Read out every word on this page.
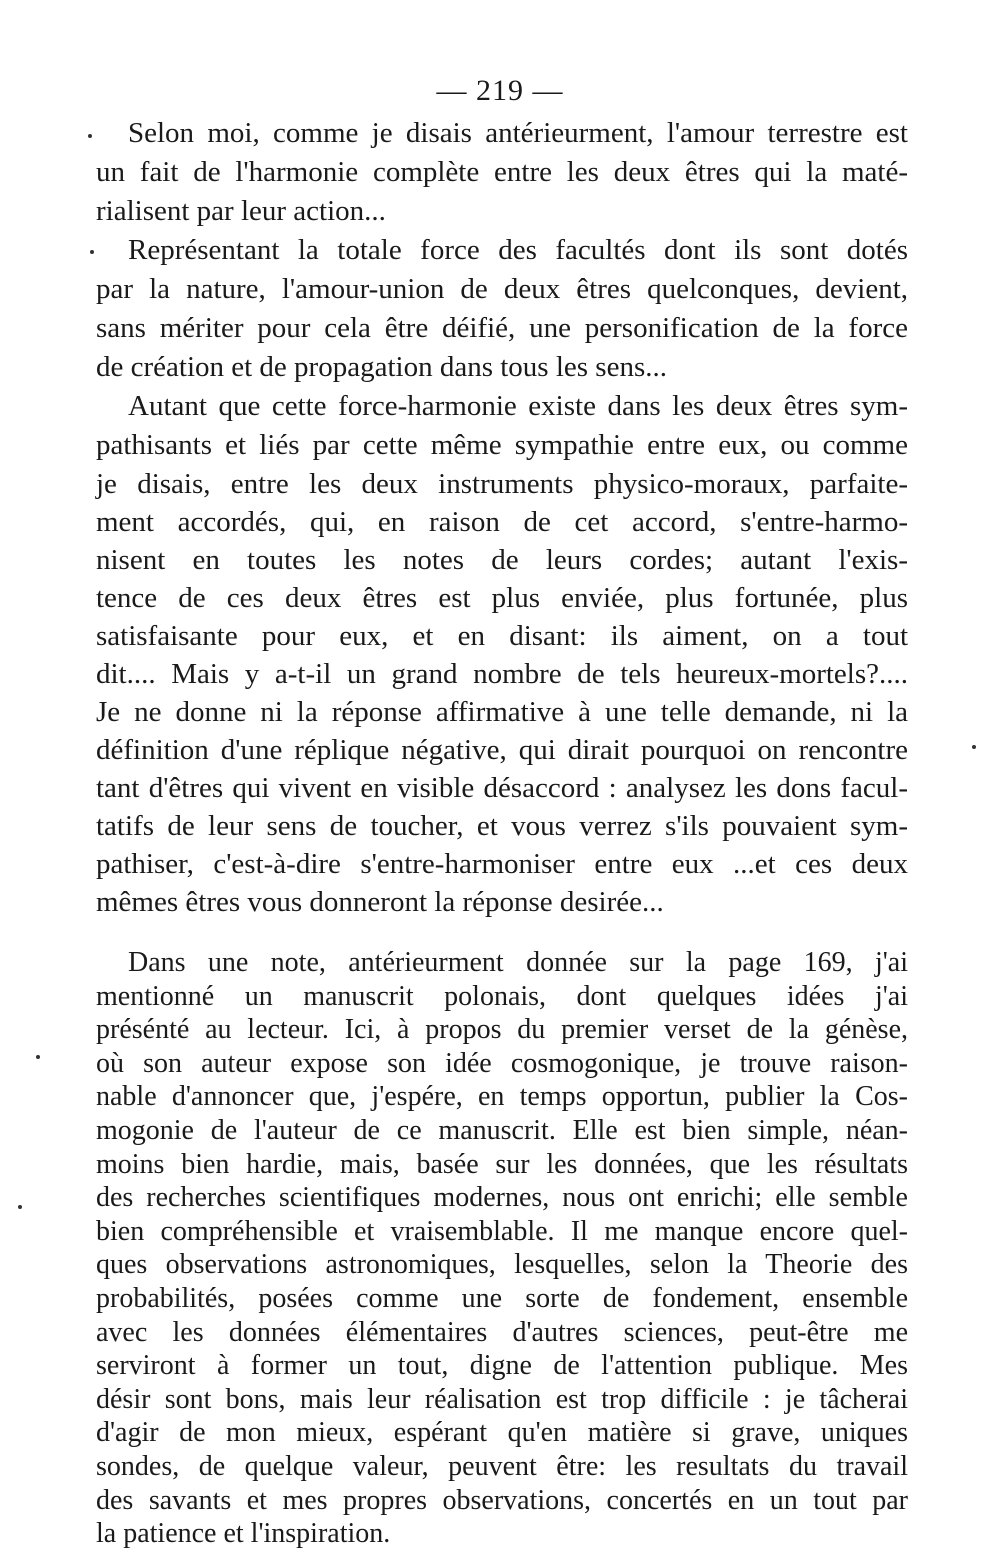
— 219 —
Selon moi, comme je disais antérieurment, l'amour terrestre est
un fait de l'harmonie complète entre les deux êtres qui la maté-
rialisent par leur action...
Représentant la totale force des facultés dont ils sont dotés
par la nature, l'amour-union de deux êtres quelconques, devient,
sans mériter pour cela être déifié, une personification de la force
de création et de propagation dans tous les sens...
Autant que cette force-harmonie existe dans les deux êtres sym-
pathisants et liés par cette même sympathie entre eux, ou comme
je disais, entre les deux instruments physico-moraux, parfaite-
ment accordés, qui, en raison de cet accord, s'entre-harmo-
nisent en toutes les notes de leurs cordes; autant l'exis-
tence de ces deux êtres est plus enviée, plus fortunée, plus
satisfaisante pour eux, et en disant: ils aiment, on a tout
dit.... Mais y a-t-il un grand nombre de tels heureux-mortels?....
Je ne donne ni la réponse affirmative à une telle demande, ni la
définition d'une réplique négative, qui dirait pourquoi on rencontre
tant d'êtres qui vivent en visible désaccord : analysez les dons facul-
tatifs de leur sens de toucher, et vous verrez s'ils pouvaient sym-
pathiser, c'est-à-dire s'entre-harmoniser entre eux ...et ces deux
mêmes êtres vous donneront la réponse desirée...
Dans une note, antérieurment donnée sur la page 169, j'ai
mentionné un manuscrit polonais, dont quelques idées j'ai
présénté au lecteur. Ici, à propos du premier verset de la génèse,
où son auteur expose son idée cosmogonique, je trouve raison-
nable d'annoncer que, j'espére, en temps opportun, publier la Cos-
mogonie de l'auteur de ce manuscrit. Elle est bien simple, néan-
moins bien hardie, mais, basée sur les données, que les résultats
des recherches scientifiques modernes, nous ont enrichi; elle semble
bien compréhensible et vraisemblable. Il me manque encore quel-
ques observations astronomiques, lesquelles, selon la Theorie des
probabilités, posées comme une sorte de fondement, ensemble
avec les données élémentaires d'autres sciences, peut-être me
serviront à former un tout, digne de l'attention publique. Mes
désir sont bons, mais leur réalisation est trop difficile : je tâcherai
d'agir de mon mieux, espérant qu'en matière si grave, uniques
sondes, de quelque valeur, peuvent être: les resultats du travail
des savants et mes propres observations, concertés en un tout par
la patience et l'inspiration.
